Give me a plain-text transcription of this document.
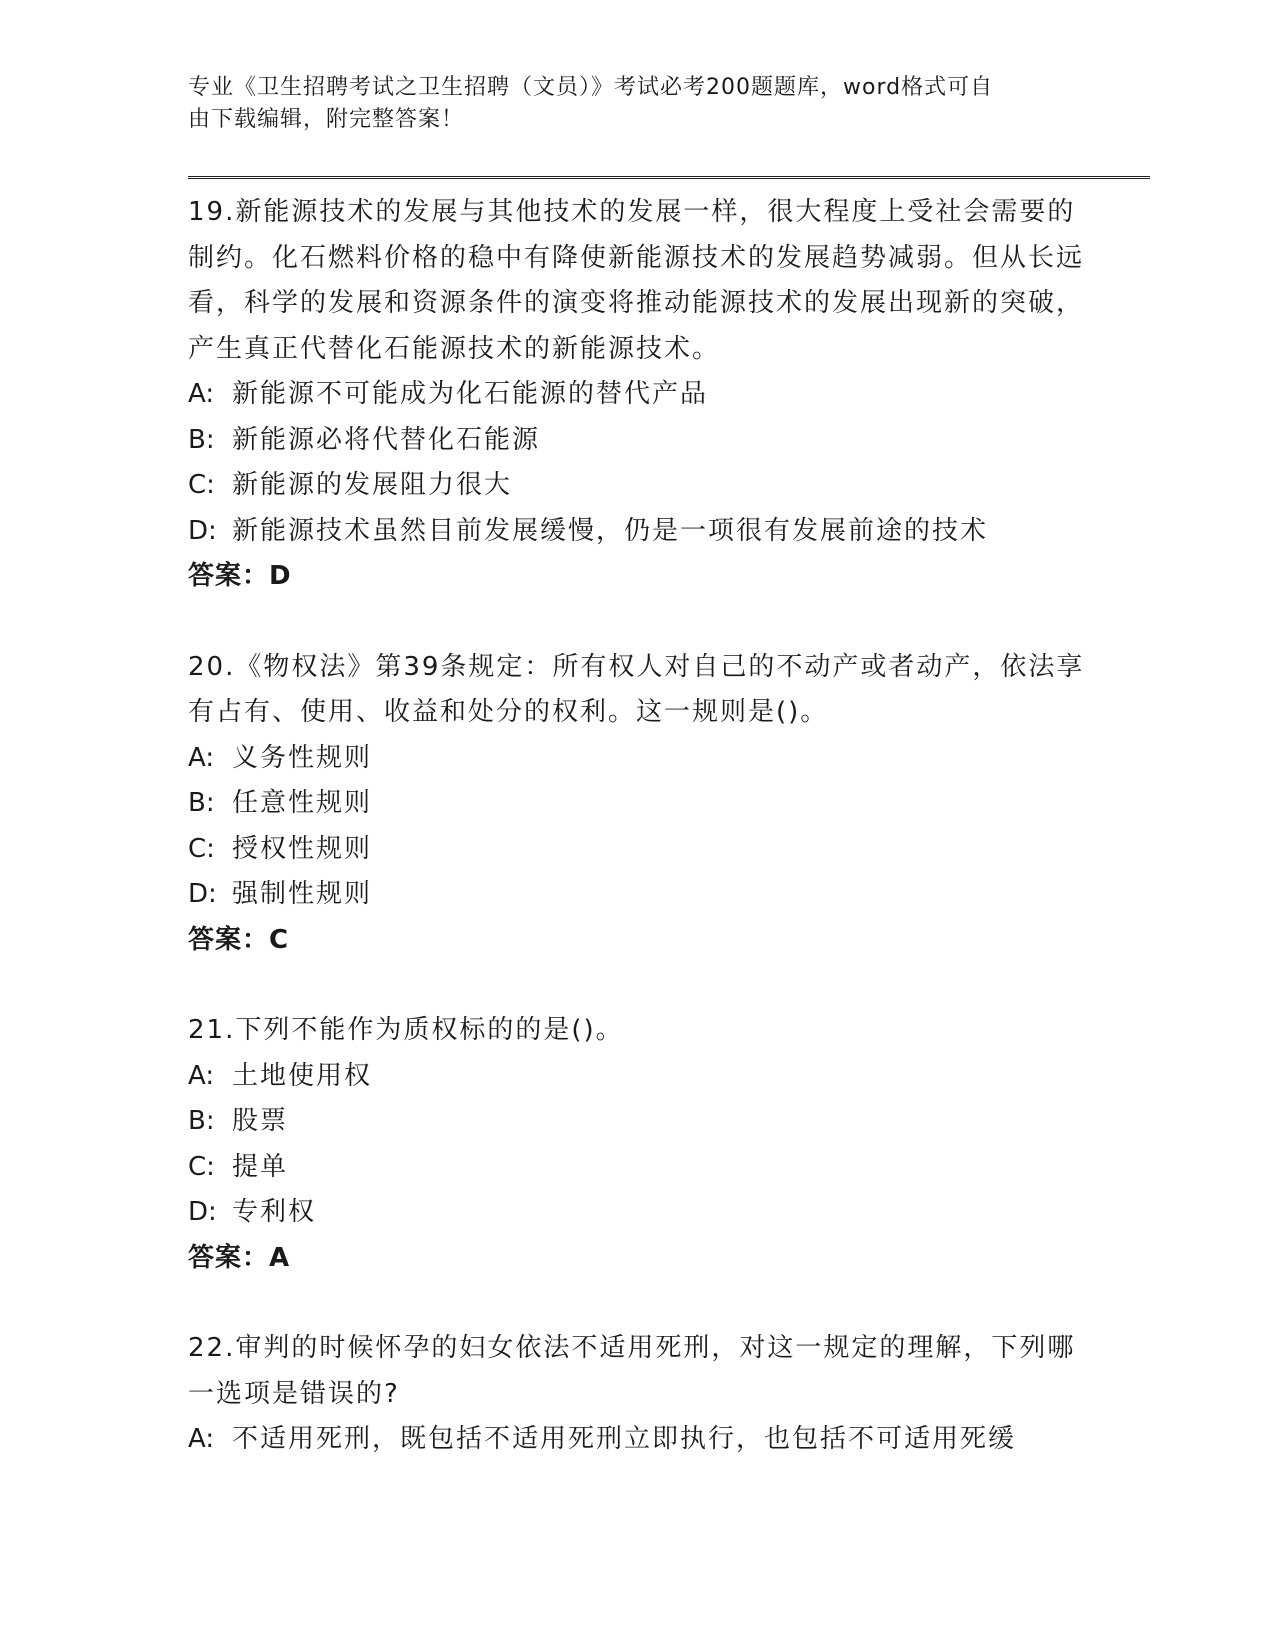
专业《卫生招聘考试之卫生招聘（文员）》考试必考200题题库，word格式可自
由下载编辑，附完整答案！
19.新能源技术的发展与其他技术的发展一样，很大程度上受社会需要的制约。化石燃料价格的稳中有降使新能源技术的发展趋势减弱。但从长远看，科学的发展和资源条件的演变将推动能源技术的发展出现新的突破，产生真正代替化石能源技术的新能源技术。
A: 新能源不可能成为化石能源的替代产品
B: 新能源必将代替化石能源
C: 新能源的发展阻力很大
D: 新能源技术虽然目前发展缓慢，仍是一项很有发展前途的技术
答案：D
20.《物权法》第39条规定：所有权人对自己的不动产或者动产，依法享有占有、使用、收益和处分的权利。这一规则是()。
A: 义务性规则
B: 任意性规则
C: 授权性规则
D: 强制性规则
答案：C
21.下列不能作为质权标的的是()。
A: 土地使用权
B: 股票
C: 提单
D: 专利权
答案：A
22.审判的时候怀孕的妇女依法不适用死刑，对这一规定的理解，下列哪一选项是错误的?
A: 不适用死刑，既包括不适用死刑立即执行，也包括不可适用死缓
